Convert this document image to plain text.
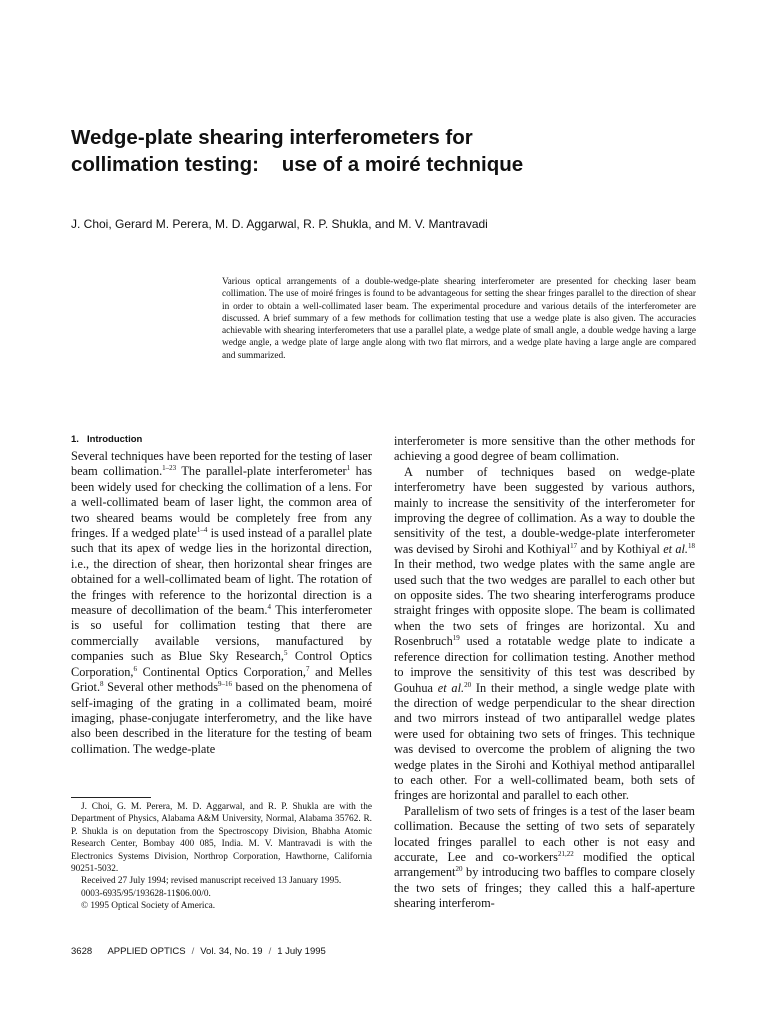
Wedge-plate shearing interferometers for
collimation testing:    use of a moiré technique
J. Choi, Gerard M. Perera, M. D. Aggarwal, R. P. Shukla, and M. V. Mantravadi
Various optical arrangements of a double-wedge-plate shearing interferometer are presented for checking laser beam collimation. The use of moiré fringes is found to be advantageous for setting the shear fringes parallel to the direction of shear in order to obtain a well-collimated laser beam. The experimental procedure and various details of the interferometer are discussed. A brief summary of a few methods for collimation testing that use a wedge plate is also given. The accuracies achievable with shearing interferometers that use a parallel plate, a wedge plate of small angle, a double wedge having a large wedge angle, a wedge plate of large angle along with two flat mirrors, and a wedge plate having a large angle are compared and summarized.
1. Introduction

Several techniques have been reported for the testing of laser beam collimation.$^{1-23}$ The parallel-plate interferometer$^1$ has been widely used for checking the collimation of a lens. For a well-collimated beam of laser light, the common area of two sheared beams would be completely free from any fringes. If a wedged plate$^{1-4}$ is used instead of a parallel plate such that its apex of wedge lies in the horizontal direction, i.e., the direction of shear, then horizontal shear fringes are obtained for a well-collimated beam of light. The rotation of the fringes with reference to the horizontal direction is a measure of decollimation of the beam.$^4$ This interferometer is so useful for collimation testing that there are commercially available versions, manufactured by companies such as Blue Sky Research,$^5$ Control Optics Corporation,$^6$ Continental Optics Corporation,$^7$ and Melles Griot.$^8$ Several other methods$^{9-16}$ based on the phenomena of self-imaging of the grating in a collimated beam, moiré imaging, phase-conjugate interferometry, and the like have also been described in the literature for the testing of beam collimation. The wedge-plate

interferometer is more sensitive than the other methods for achieving a good degree of beam collimation.

A number of techniques based on wedge-plate interferometry have been suggested by various authors, mainly to increase the sensitivity of the interferometer for improving the degree of collimation. As a way to double the sensitivity of the test, a double-wedge-plate interferometer was devised by Sirohi and Kothiyal$^{17}$ and by Kothiyal et al.$^{18}$ In their method, two wedge plates with the same angle are used such that the two wedges are parallel to each other but on opposite sides. The two shearing interferograms produce straight fringes with opposite slope. The beam is collimated when the two sets of fringes are horizontal. Xu and Rosenbruch$^{19}$ used a rotatable wedge plate to indicate a reference direction for collimation testing. Another method to improve the sensitivity of this test was described by Gouhua et al.$^{20}$ In their method, a single wedge plate with the direction of wedge perpendicular to the shear direction and two mirrors instead of two antiparallel wedge plates were used for obtaining two sets of fringes. This technique was devised to overcome the problem of aligning the two wedge plates in the Sirohi and Kothiyal method antiparallel to each other. For a well-collimated beam, both sets of fringes are horizontal and parallel to each other.

Parallelism of two sets of fringes is a test of the laser beam collimation. Because the setting of two sets of separately located fringes parallel to each other is not easy and accurate, Lee and co-workers$^{21,22}$ modified the optical arrangement$^{20}$ by introducing two baffles to compare closely the two sets of fringes; they called this a half-aperture shearing interferom-

J. Choi, G. M. Perera, M. D. Aggarwal, and R. P. Shukla are with the Department of Physics, Alabama A&M University, Normal, Alabama 35762. R. P. Shukla is on deputation from the Spectroscopy Division, Bhabha Atomic Research Center, Bombay 400 085, India. M. V. Mantravadi is with the Electronics Systems Division, Northrop Corporation, Hawthorne, California 90251-5032.

Received 27 July 1994; revised manuscript received 13 January 1995.

0003-6935/95/193628-11$06.00/0.

© 1995 Optical Society of America.

3628 APPLIED OPTICS / Vol. 34, No. 19 / 1 July 1995
